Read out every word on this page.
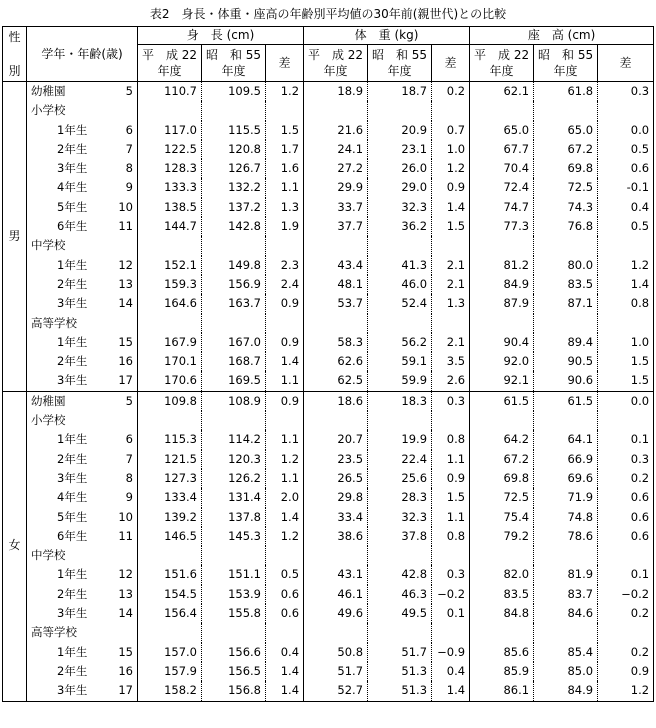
表2　身長・体重・座高の年齢別平均値の30年前(親世代)との比較
性
別	学年・年齢(歳)	身　長 (cm)			体　重 (kg)			座　高 (cm)		
		平　成 22年度	昭　和 55年度	差	平　成 22年度	昭　和 55年度	差	平　成 22年度	昭　和 55年度	差
男	幼稚園 5	110.7	109.5	1.2	18.9	18.7	0.2	62.1	61.8	0.3

	小学校									

	1年生 6	117.0	115.5	1.5	21.6	20.9	0.7	65.0	65.0	0.0

	2年生 7	122.5	120.8	1.7	24.1	23.1	1.0	67.7	67.2	0.5

	3年生 8	128.3	126.7	1.6	27.2	26.0	1.2	70.4	69.8	0.6

	4年生 9	133.3	132.2	1.1	29.9	29.0	0.9	72.4	72.5	-0.1

	5年生 10	138.5	137.2	1.3	33.7	32.3	1.4	74.7	74.3	0.4

	6年生 11	144.7	142.8	1.9	37.7	36.2	1.5	77.3	76.8	0.5

	中学校									

	1年生 12	152.1	149.8	2.3	43.4	41.3	2.1	81.2	80.0	1.2

	2年生 13	159.3	156.9	2.4	48.1	46.0	2.1	84.9	83.5	1.4

	3年生 14	164.6	163.7	0.9	53.7	52.4	1.3	87.9	87.1	0.8

	高等学校									

	1年生 15	167.9	167.0	0.9	58.3	56.2	2.1	90.4	89.4	1.0

	2年生 16	170.1	168.7	1.4	62.6	59.1	3.5	92.0	90.5	1.5

	3年生 17	170.6	169.5	1.1	62.5	59.9	2.6	92.1	90.6	1.5
女	幼稚園 5	109.8	108.9	0.9	18.6	18.3	0.3	61.5	61.5	0.0

	小学校									

	1年生 6	115.3	114.2	1.1	20.7	19.9	0.8	64.2	64.1	0.1

	2年生 7	121.5	120.3	1.2	23.5	22.4	1.1	67.2	66.9	0.3

	3年生 8	127.3	126.2	1.1	26.5	25.6	0.9	69.8	69.6	0.2

	4年生 9	133.4	131.4	2.0	29.8	28.3	1.5	72.5	71.9	0.6

	5年生 10	139.2	137.8	1.4	33.4	32.3	1.1	75.4	74.8	0.6

	6年生 11	146.5	145.3	1.2	38.6	37.8	0.8	79.2	78.6	0.6

	中学校									

	1年生 12	151.6	151.1	0.5	43.1	42.8	0.3	82.0	81.9	0.1

	2年生 13	154.5	153.9	0.6	46.1	46.3	−0.2	83.5	83.7	−0.2

	3年生 14	156.4	155.8	0.6	49.6	49.5	0.1	84.8	84.6	0.2

	高等学校									

	1年生 15	157.0	156.6	0.4	50.8	51.7	−0.9	85.6	85.4	0.2

	2年生 16	157.9	156.5	1.4	51.7	51.3	0.4	85.9	85.0	0.9

	3年生 17	158.2	156.8	1.4	52.7	51.3	1.4	86.1	84.9	1.2
